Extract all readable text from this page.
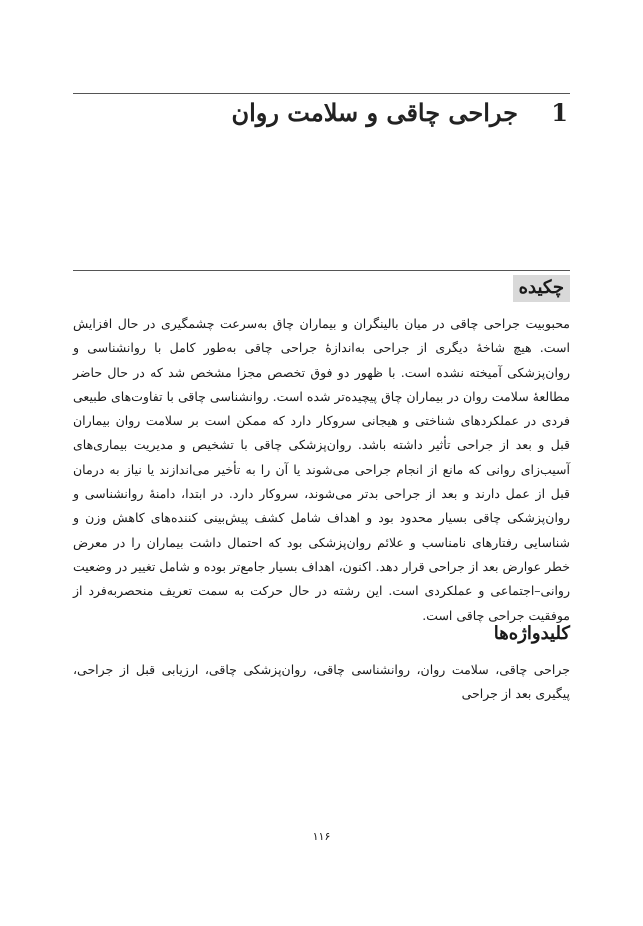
1
جراحی چاقی و سلامت روان
چکیده

محبوبیت جراحی چاقی در میان بالینگران و بیماران چاق به‌سرعت چشمگیری در حال افزایش است. هیچ شاخهٔ دیگری از جراحی به‌اندازهٔ جراحی چاقی به‌طور کامل با روانشناسی و روان‌پزشکی آمیخته نشده است. با ظهور دو فوق تخصص مجزا مشخص شد که در حال حاضر مطالعهٔ سلامت روان در بیماران چاق پیچیده‌تر شده است. روانشناسی چاقی با تفاوت‌های طبیعی فردی در عملکردهای شناختی و هیجانی سروکار دارد که ممکن است بر سلامت روان بیماران قبل و بعد از جراحی تأثیر داشته باشد. روان‌پزشکی چاقی با تشخیص و مدیریت بیماری‌های آسیب‌زای روانی که مانع از انجام جراحی می‌شوند یا آن را به تأخیر می‌اندازند یا نیاز به درمان قبل از عمل دارند و بعد از جراحی بدتر می‌شوند، سروکار دارد. در ابتدا، دامنهٔ روانشناسی و روان‌پزشکی چاقی بسیار محدود بود و اهداف شامل کشف پیش‌بینی کننده‌های کاهش وزن و شناسایی رفتارهای نامناسب و علائم روان‌پزشکی بود که احتمال داشت بیماران را در معرض خطر عوارض بعد از جراحی قرار دهد. اکنون، اهداف بسیار جامع‌تر بوده و شامل تغییر در وضعیت روانی–اجتماعی و عملکردی است. این رشته در حال حرکت به سمت تعریف منحصربه‌فرد از موفقیت جراحی چاقی است.

کلیدواژه‌ها

جراحی چاقی، سلامت روان، روانشناسی چاقی، روان‌پزشکی چاقی، ارزیابی قبل از جراحی، پیگیری بعد از جراحی

۱۱۶
